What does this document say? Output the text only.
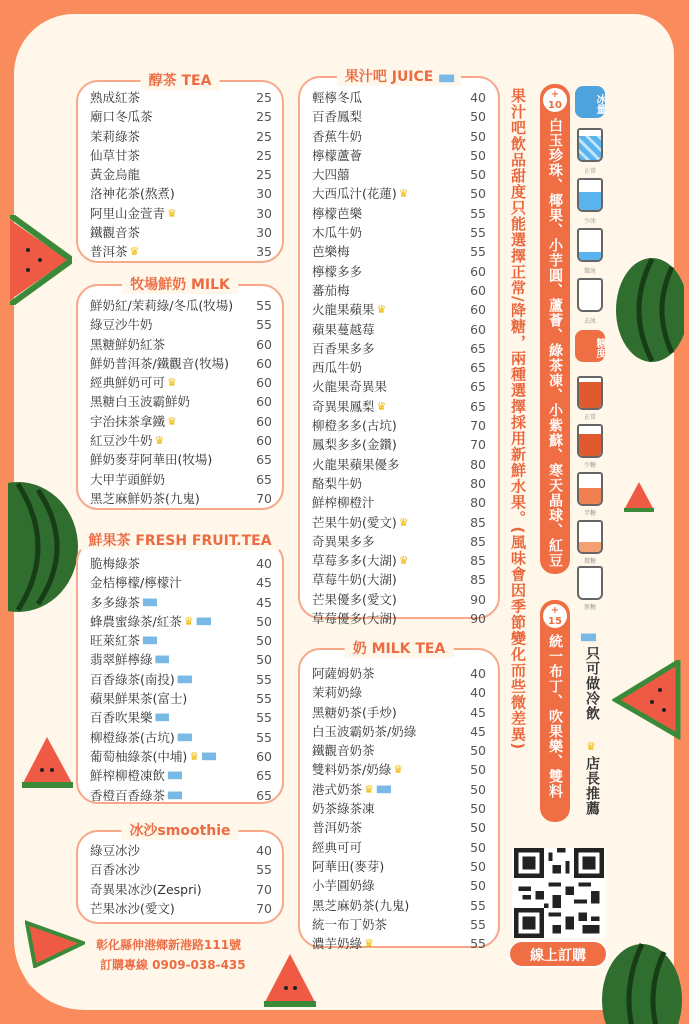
醇茶 TEA
熟成紅茶	25
廟口冬瓜茶	25
茉莉綠茶	25
仙草甘茶	25
黃金烏龍	25
洛神花茶(熬煮)	30
阿里山金萱青 ♛	30
鐵觀音茶	30
普洱茶 ♛	35
牧場鮮奶 MILK
鮮奶紅/茉莉綠/冬瓜(牧場) 55
綠豆沙牛奶	55
黑糖鮮奶紅茶	60
鮮奶普洱茶/鐵觀音(牧場) 60
經典鮮奶可可 ♛	60
黑糖白玉波霸鮮奶	60
宇治抹茶拿鐵 ♛	60
紅豆沙牛奶 ♛	60
鮮奶麥芽阿華田(牧場)	65
大甲芋頭鮮奶	65
黑芝麻鮮奶茶(九鬼)	70
鮮果茶 FRESH FRUIT.TEA
脆梅綠茶	40
金桔檸檬/檸檬汁	45
多多綠茶 ■■	45
蜂農蜜綠茶/紅茶 ♛ ■■	50
旺萊紅茶 ■■	50
翡翠鮮檸綠 ■■	50
百香綠茶(南投) ■■	55
蘋果鮮果茶(富士)	55
百香吹果樂 ■■	55
柳橙綠茶(古坑) ■■	55
葡萄柚綠茶(中埔) ♛ ■■	60
鮮榨柳橙凍飲 ■■	65
香橙百香綠茶 ■■	65
冰沙smoothie
綠豆冰沙	40
百香冰沙	55
奇異果冰沙(Zespri)	70
芒果冰沙(愛文)	70
果汁吧 JUICE ■■
輕檸冬瓜	40
百香鳳梨	50
香蕉牛奶	50
檸檬蘆薈	50
大四囍	50
大西瓜汁(花蓮) ♛	50
檸檬芭樂	55
木瓜牛奶	55
芭樂梅	55
檸檬多多	60
蕃茄梅	60
火龍果蘋果 ♛	60
蘋果蔓越莓	60
百香果多多	65
西瓜牛奶	65
火龍果奇異果	65
奇異果鳳梨 ♛	65
柳橙多多(古坑)	70
鳳梨多多(金鑽)	70
火龍果蘋果優多	80
酪梨牛奶	80
鮮榨柳橙汁	80
芒果牛奶(愛文) ♛	85
奇異果多多	85
草莓多多(大湖) ♛	85
草莓牛奶(大湖)	85
芒果優多(愛文)	90
草莓優多(大湖)	90
奶 MILK TEA
阿薩姆奶茶	40
茉莉奶綠	40
黑糖奶茶(手炒)	45
白玉波霸奶茶/奶綠	45
鐵觀音奶茶	50
雙料奶茶/奶綠 ♛	50
港式奶茶 ♛ ■■	50
奶茶綠茶凍	50
普洱奶茶	50
經典可可	50
阿華田(麥芽)	50
小芋圓奶綠	50
黑芝麻奶茶(九鬼)	55
統一布丁奶茶	55
濃芋奶綠 ♛	55
果汁吧飲品甜度只能選擇正常/降糖，兩種選擇採用新鮮水果。(風味會因季節變化而些微差異)	+
10
白玉珍珠、椰果、小芋圓、蘆薈、綠茶凍、小紫蘇、寒天晶球、紅豆
+
15
統一布丁、吹果樂、雙料
冰量
正常
少冰
微冰
去冰
糖度
正常
少糖
半糖
微糖
無糖
■■
只可做冷飲
♛
店長推薦
線上訂購
彰化縣伸港鄉新港路111號
訂購專線 0909-038-435
